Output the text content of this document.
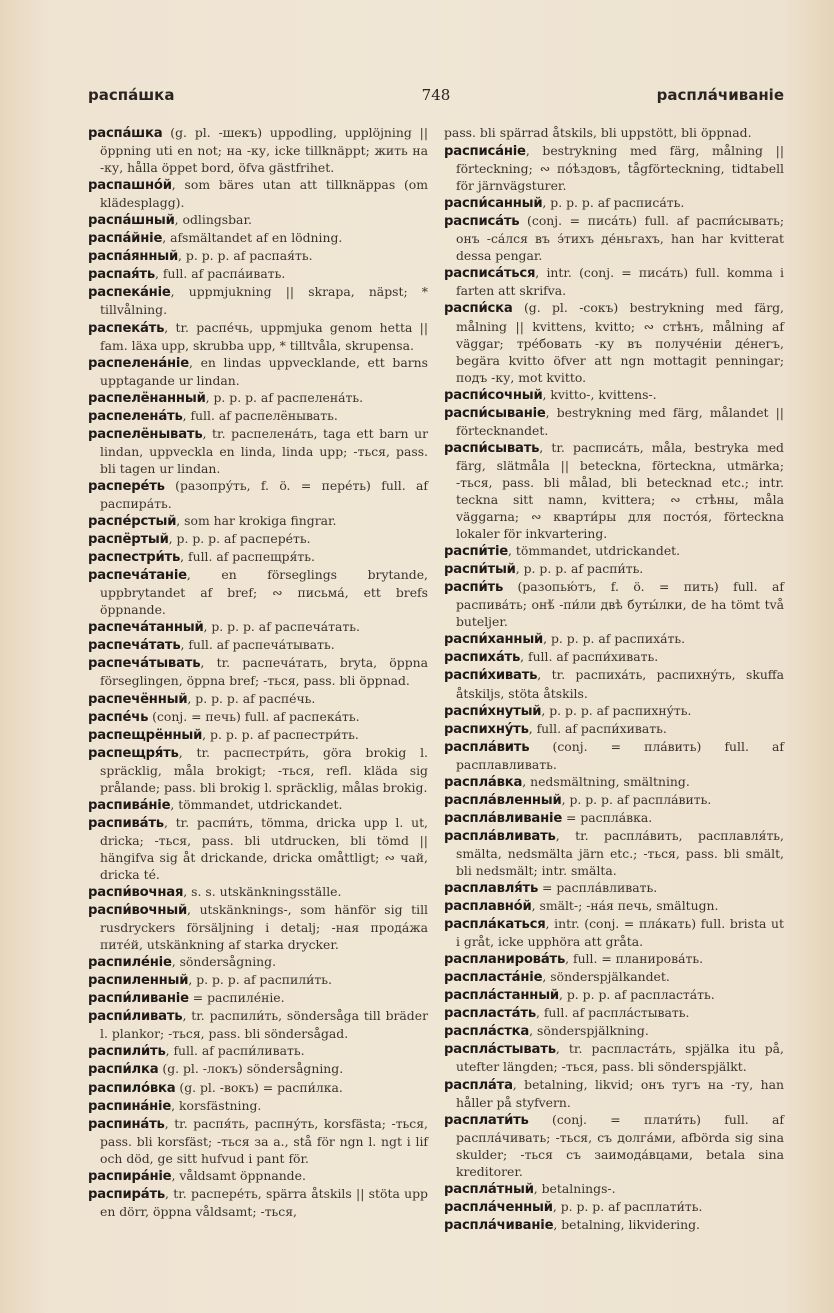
распа́шка	748	распла́чиваніе

распа́шка (g. pl. -шекъ) uppodling, upplöjning || öppning uti en not; на -ку, icke tillknäppt; жить на -ку, hålla öppet bord, öfva gästfrihet.

распашно́й, som bäres utan att tillknäppas (om klädesplagg).

распа́шный, odlingsbar.

распа́йніе, afsmältandet af en lödning.

распа́янный, p. p. p. af распая́ть.

распая́ть, full. af распа́ивать.

распека́ніе, uppmjukning || skrapa, näpst; * tillvålning.

распека́ть, tr. распе́чь, uppmjuka genom hetta || fam. läxa upp, skrubba upp, * tilltvåla, skrupensa.

распелена́ніе, en lindas uppvecklande, ett barns upptagande ur lindan.

распелёнанный, p. p. p. af распелена́ть.

распелена́ть, full. af распелёнывать.

распелёнывать, tr. распелена́ть, taga ett barn ur lindan, uppveckla en linda, linda upp; -ться, pass. bli tagen ur lindan.

распере́ть (разопру́ть, f. ö. = пере́ть) full. af распира́ть.

распе́рстый, som har krokiga fingrar.

распёртый, p. p. p. af распере́ть.

распестри́ть, full. af распещря́ть.

распеча́таніе, en förseglings brytande, uppbrytandet af bref; ∾ письма́, ett brefs öppnande.

распеча́танный, p. p. p. af распеча́тать.

распеча́тать, full. af распеча́тывать.

распеча́тывать, tr. распеча́тать, bryta, öppna förseglingen, öppna bref; -ться, pass. bli öppnad.

распечённый, p. p. p. af распе́чь.

распе́чь (conj. = печь) full. af распека́ть.

распещрённый, p. p. p. af распестри́ть.

распещря́ть, tr. распестри́ть, göra brokig l. spräcklig, måla brokigt; -ться, refl. kläda sig prålande; pass. bli brokig l. spräcklig, målas brokig.

распива́ніе, tömmandet, utdrickandet.

распива́ть, tr. распи́ть, tömma, dricka upp l. ut, dricka; -ться, pass. bli utdrucken, bli tömd || hängifva sig åt drickande, dricka omåttligt; ∾ чай, dricka té.

распи́вочная, s. s. utskänkningsställe.

распи́вочный, utskänknings-, som hänför sig till rusdryckers försäljning i detalj; -ная прода́жа пите́й, utskänkning af starka drycker.

распиле́ніе, söndersågning.

распиленный, p. p. p. af распили́ть.

распи́ливаніе = распиле́ніе.

распи́ливать, tr. распили́ть, söndersåga till bräder l. plankor; -ться, pass. bli söndersågad.

распили́ть, full. af распи́ливать.

распи́лка (g. pl. -локъ) söndersågning.

распило́вка (g. pl. -вокъ) = распи́лка.

распина́ніе, korsfästning.

распина́ть, tr. распя́ть, распну́ть, korsfästa; -ться, pass. bli korsfäst; -ться за a., stå för ngn l. ngt i lif och död, ge sitt hufvud i pant för.

распира́ніе, våldsamt öppnande.

распира́ть, tr. распере́ть, spärra åtskils || stöta upp en dörr, öppna våldsamt; -ться,

pass. bli spärrad åtskils, bli uppstött, bli öppnad.

расписа́ніе, bestrykning med färg, målning || förteckning; ∾ по́ѣздовъ, tågförteckning, tidtabell för järnvägsturer.

распи́санный, p. p. p. af расписа́ть.

расписа́ть (conj. = писа́ть) full. af распи́сывать; онъ -са́лся въ э́тихъ де́ньгахъ, han har kvitterat dessa pengar.

расписа́ться, intr. (conj. = писа́ть) full. komma i farten att skrifva.

распи́ска (g. pl. -сокъ) bestrykning med färg, målning || kvittens, kvitto; ∾ стѣнъ, målning af väggar; тре́бовать -ку въ получе́ніи де́негъ, begära kvitto öfver att ngn mottagit penningar; подъ -ку, mot kvitto.

распи́сочный, kvitto-, kvittens-.

распи́сываніе, bestrykning med färg, målandet || förtecknandet.

распи́сывать, tr. расписа́ть, måla, bestryka med färg, slätmåla || beteckna, förteckna, utmärka; -ться, pass. bli målad, bli betecknad etc.; intr. teckna sitt namn, kvittera; ∾ стѣны, måla väggarna; ∾ кварти́ры для посто́я, förteckna lokaler för inkvartering.

распи́тіе, tömmandet, utdrickandet.

распи́тый, p. p. p. af распи́ть.

распи́ть (разопью́тъ, f. ö. = пить) full. af распива́ть; онѣ́ -пи́ли двѣ буты́лки, de ha tömt två buteljer.

распи́ханный, p. p. p. af распиха́ть.

распиха́ть, full. af распи́хивать.

распи́хивать, tr. распиха́ть, распихну́ть, skuffa åtskiljs, stöta åtskils.

распи́хнутый, p. p. p. af распихну́ть.

распихну́ть, full. af распи́хивать.

распла́вить (conj. = пла́вить) full. af расплавливать.

распла́вка, nedsmältning, smältning.

распла́вленный, p. p. p. af распла́вить.

распла́вливаніе = распла́вка.

распла́вливать, tr. распла́вить, расплавля́ть, smälta, nedsmälta järn etc.; -ться, pass. bli smält, bli nedsmält; intr. smälta.

расплавля́ть = распла́вливать.

расплавно́й, smält-; -на́я печь, smältugn.

распла́каться, intr. (conj. = пла́кать) full. brista ut i gråt, icke upphöra att gråta.

распланирова́ть, full. = планирова́ть.

распласта́ніе, sönderspjälkandet.

распла́станный, p. p. p. af распласта́ть.

распласта́ть, full. af распла́стывать.

распла́стка, sönderspjälkning.

распла́стывать, tr. распласта́ть, spjälka itu på, utefter längden; -ться, pass. bli sönderspjälkt.

распла́та, betalning, likvid; онъ тугъ на -ту, han håller på styfvern.

расплати́ть (conj. = плати́ть) full. af распла́чивать; -ться, съ долга́ми, afbörda sig sina skulder; -ться съ заимода́вцами, betala sina kreditorer.

распла́тный, betalnings-.

распла́ченный, p. p. p. af расплати́ть.

распла́чиваніе, betalning, likvidering.
